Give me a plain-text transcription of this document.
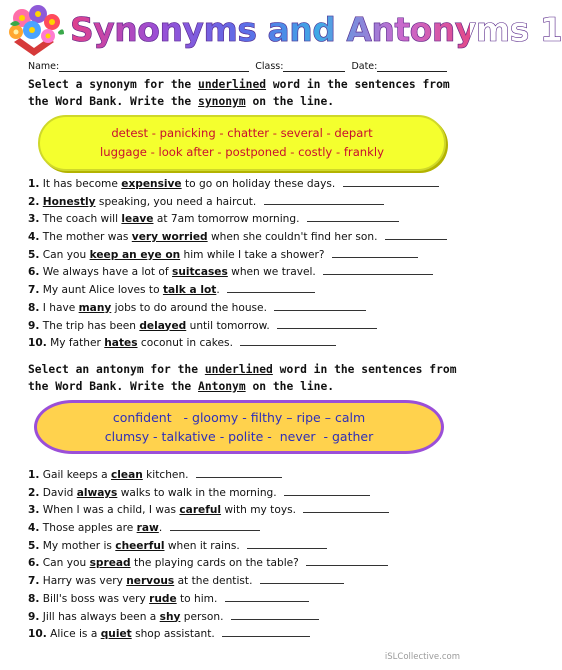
Synonyms and Antonyms 1
Name:	Class:	Date:
Select a synonym for the underlined word in the sentences from the Word Bank. Write the synonym on the line.
detest - panicking - chatter - several - depart
luggage - look after - postponed - costly - frankly
1. It has become expensive to go on holiday these days.
2. Honestly speaking, you need a haircut.
3. The coach will leave at 7am tomorrow morning.
4. The mother was very worried when she couldn't find her son.
5. Can you keep an eye on him while I take a shower?
6. We always have a lot of suitcases when we travel.
7. My aunt Alice loves to talk a lot.
8. I have many jobs to do around the house.
9. The trip has been delayed until tomorrow.
10. My father hates coconut in cakes.
Select an antonym for the underlined word in the sentences from the Word Bank. Write the Antonym on the line.
confident   - gloomy - filthy – ripe – calm
clumsy - talkative - polite -  never  - gather
1. Gail keeps a clean kitchen.
2. David always walks to walk in the morning.
3. When I was a child, I was careful with my toys.
4. Those apples are raw.
5. My mother is cheerful when it rains.
6. Can you spread the playing cards on the table?
7. Harry was very nervous at the dentist.
8. Bill's boss was very rude to him.
9. Jill has always been a shy person.
10. Alice is a quiet shop assistant.
iSLCollective.com
